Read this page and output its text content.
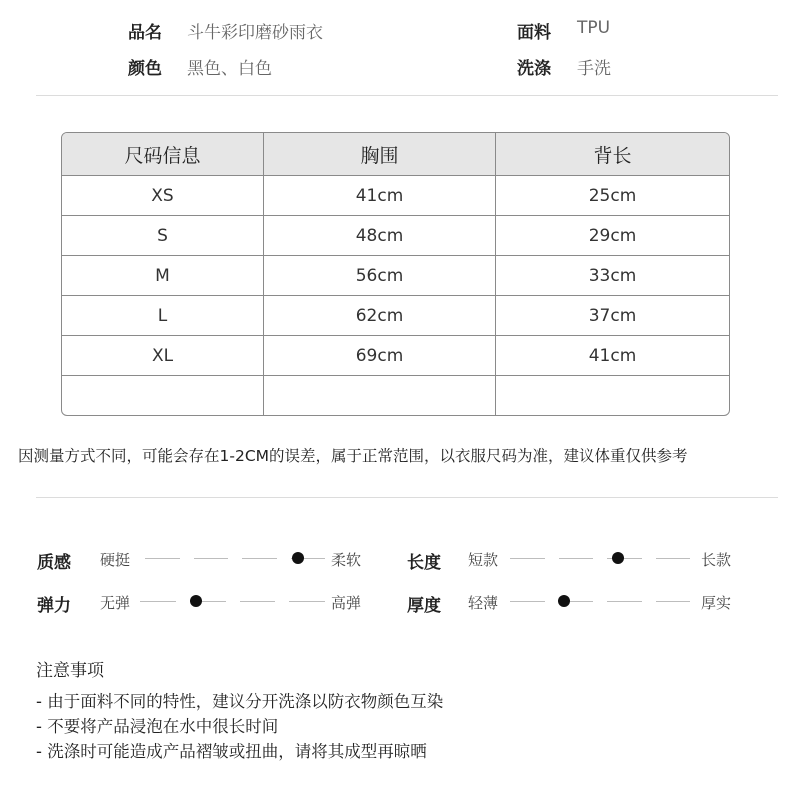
品名 斗牛彩印磨砂雨衣	面料 TPU
颜色 黑色、白色	洗涤 手洗
尺码信息	胸围	背长
XS	41cm	25cm
S	48cm	29cm
M	56cm	33cm
L	62cm	37cm
XL	69cm	41cm

因测量方式不同，可能会存在1-2CM的误差，属于正常范围，以衣服尺码为准，建议体重仅供参考
质感 硬挺	柔软	长度 短款	长款
弹力 无弹	高弹	厚度 轻薄	厚实
注意事项
- 由于面料不同的特性，建议分开洗涤以防衣物颜色互染
- 不要将产品浸泡在水中很长时间
- 洗涤时可能造成产品褶皱或扭曲，请将其成型再晾晒
